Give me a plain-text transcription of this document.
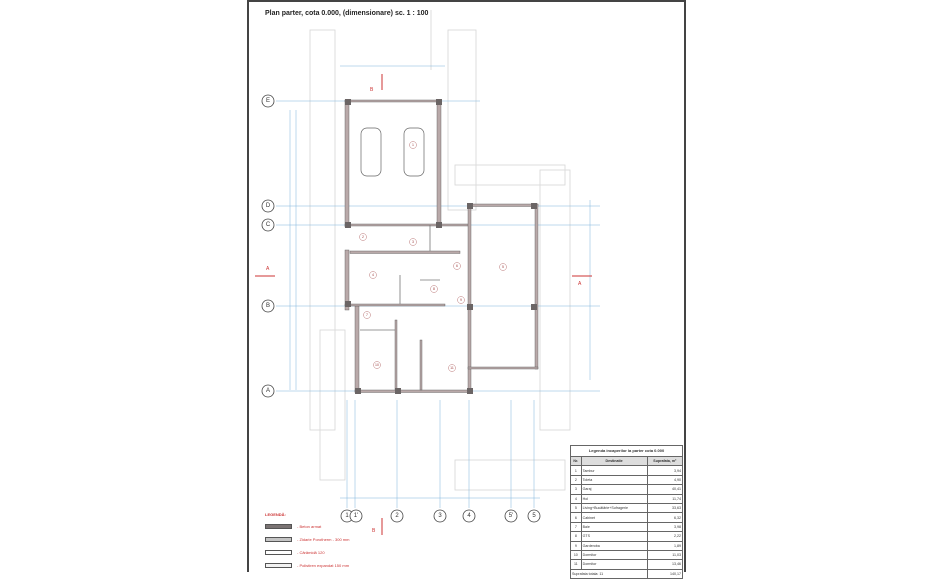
Plan parter, cota 0.000, (dimensionare) sc. 1 : 100
A
A
B
B
E
D
C
B
A
1 1'	2	3	4	5'	5
1
2
3
4
5
6
7
8
9
10
11
LEGENDĂ:
- Beton armat
- Zidarie Porotherm - 300 mm
- Cărămidă 120
- Polistiren expandat 150 mm
Legenda incaperilor la parter cota 0.000		
Nr.	Destinatie	Suprafata, m²
1	Tambur	3,94
2	Toleta	4,90
3	Garaj	40,41
4	Hol	11,74
5	Living+Bucătărie+Sufragerie	33,63
6	Cabinet	6,32
7	Baie	3,98
8	GTS	2,22
9	Garderoba	1,89
10	Dormitor	11,03
11	Dormitor	13,46
Suprafata totala: 11		140,17
